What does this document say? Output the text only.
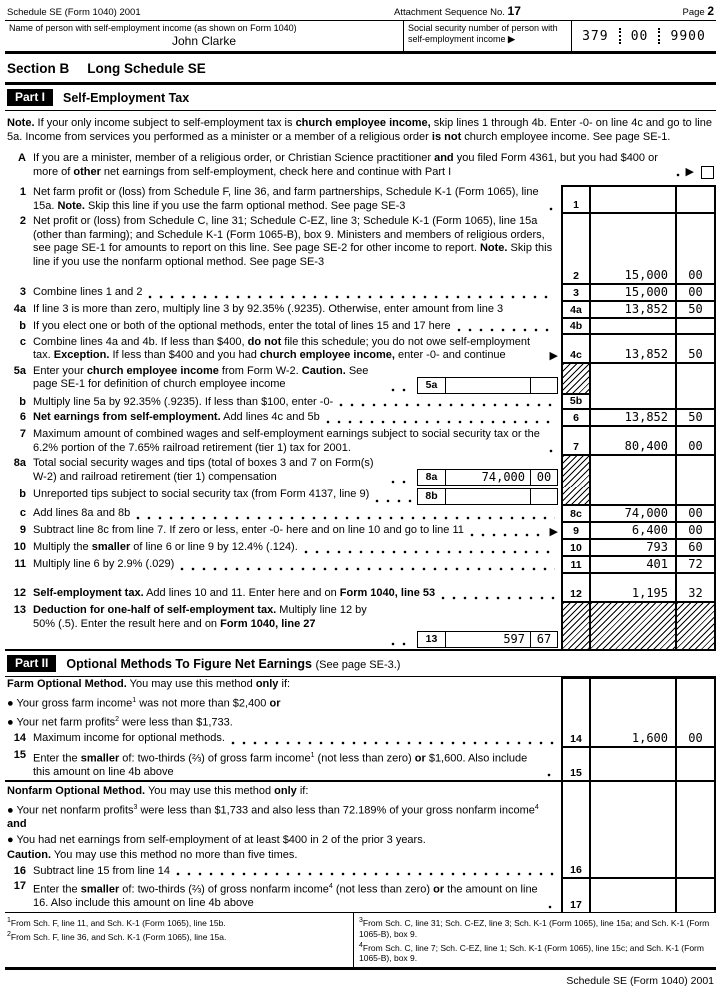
Schedule SE (Form 1040) 2001	Attachment Sequence No. 17	Page 2
Name of person with self-employment income (as shown on Form 1040)
John Clarke
Social security number of person with self-employment income ▶	379 00 9900
Section B Long Schedule SE
Part I	Self-Employment Tax
Note. If your only income subject to self-employment tax is church employee income, skip lines 1 through 4b. Enter -0- on line 4c and go to line 5a. Income from services you performed as a minister or a member of a religious order is not church employee income. See page SE-1.
A If you are a minister, member of a religious order, or Christian Science practitioner and you filed Form 4361, but you had $400 or more of other net earnings from self-employment, check here and continue with Part I	▶
1 Net farm profit or (loss) from Schedule F, line 36, and farm partnerships, Schedule K-1 (Form 1065), line 15a. Note. Skip this line if you use the farm optional method. See page SE-3	1
2 Net profit or (loss) from Schedule C, line 31; Schedule C-EZ, line 3; Schedule K-1 (Form 1065), line 15a (other than farming); and Schedule K-1 (Form 1065-B), box 9. Ministers and members of religious orders, see page SE-1 for amounts to report on this line. See page SE-2 for other income to report. Note. Skip this line if you use the nonfarm optional method. See page SE-3
2	15,000	00
3 Combine lines 1 and 2	3	15,000	00
4a If line 3 is more than zero, multiply line 3 by 92.35% (.9235). Otherwise, enter amount from line 3	4a	13,852	50
b If you elect one or both of the optional methods, enter the total of lines 15 and 17 here	4b
c Combine lines 4a and 4b. If less than $400, do not file this schedule; you do not owe self-employment tax. Exception. If less than $400 and you had church employee income, enter -0- and continue	▶	4c	13,852	50
5a Enter your church employee income from Form W-2. Caution. See page SE-1 for definition of church employee income	5a
b Multiply line 5a by 92.35% (.9235). If less than $100, enter -0-	5b
6 Net earnings from self-employment. Add lines 4c and 5b	6	13,852	50
7 Maximum amount of combined wages and self-employment earnings subject to social security tax or the 6.2% portion of the 7.65% railroad retirement (tier 1) tax for 2001.	7	80,400	00
8a Total social security wages and tips (total of boxes 3 and 7 on Form(s) W-2) and railroad retirement (tier 1) compensation	8a	74,000 00
b Unreported tips subject to social security tax (from Form 4137, line 9)	8b
c Add lines 8a and 8b	8c	74,000	00
9 Subtract line 8c from line 7. If zero or less, enter -0- here and on line 10 and go to line 11	▶	9	6,400	00
10 Multiply the smaller of line 6 or line 9 by 12.4% (.124).	10	793	60
11 Multiply line 6 by 2.9% (.029)	11	401	72
12 Self-employment tax. Add lines 10 and 11. Enter here and on Form 1040, line 53	12	1,195	32
13 Deduction for one-half of self-employment tax. Multiply line 12 by 50% (.5). Enter the result here and on Form 1040, line 27
13	597 67
Part II	Optional Methods To Figure Net Earnings (See page SE-3.)
Farm Optional Method. You may use this method only if:
● Your gross farm income$^1$ was not more than $2,400 or
● Your net farm profits$^2$ were less than $1,733.
14 Maximum income for optional methods.	14	1,600	00
15 Enter the smaller of: two-thirds (⅔) of gross farm income$^1$ (not less than zero) or $1,600. Also include this amount on line 4b above	15
Nonfarm Optional Method. You may use this method only if:
● Your net nonfarm profits$^3$ were less than $1,733 and also less than 72.189% of your gross nonfarm income$^4$ and
● You had net earnings from self-employment of at least $400 in 2 of the prior 3 years.
Caution. You may use this method no more than five times.
16 Subtract line 15 from line 14	16
17 Enter the smaller of: two-thirds (⅔) of gross nonfarm income$^4$ (not less than zero) or the amount on line 16. Also include this amount on line 4b above	17
$^1$From Sch. F, line 11, and Sch. K-1 (Form 1065), line 15b.
$^2$From Sch. F, line 36, and Sch. K-1 (Form 1065), line 15a.
$^3$From Sch. C, line 31; Sch. C-EZ, line 3; Sch. K-1 (Form 1065), line 15a; and Sch. K-1 (Form 1065-B), box 9.
$^4$From Sch. C, line 7; Sch. C-EZ, line 1; Sch. K-1 (Form 1065), line 15c; and Sch. K-1 (Form 1065-B), box 9.
Schedule SE (Form 1040) 2001
